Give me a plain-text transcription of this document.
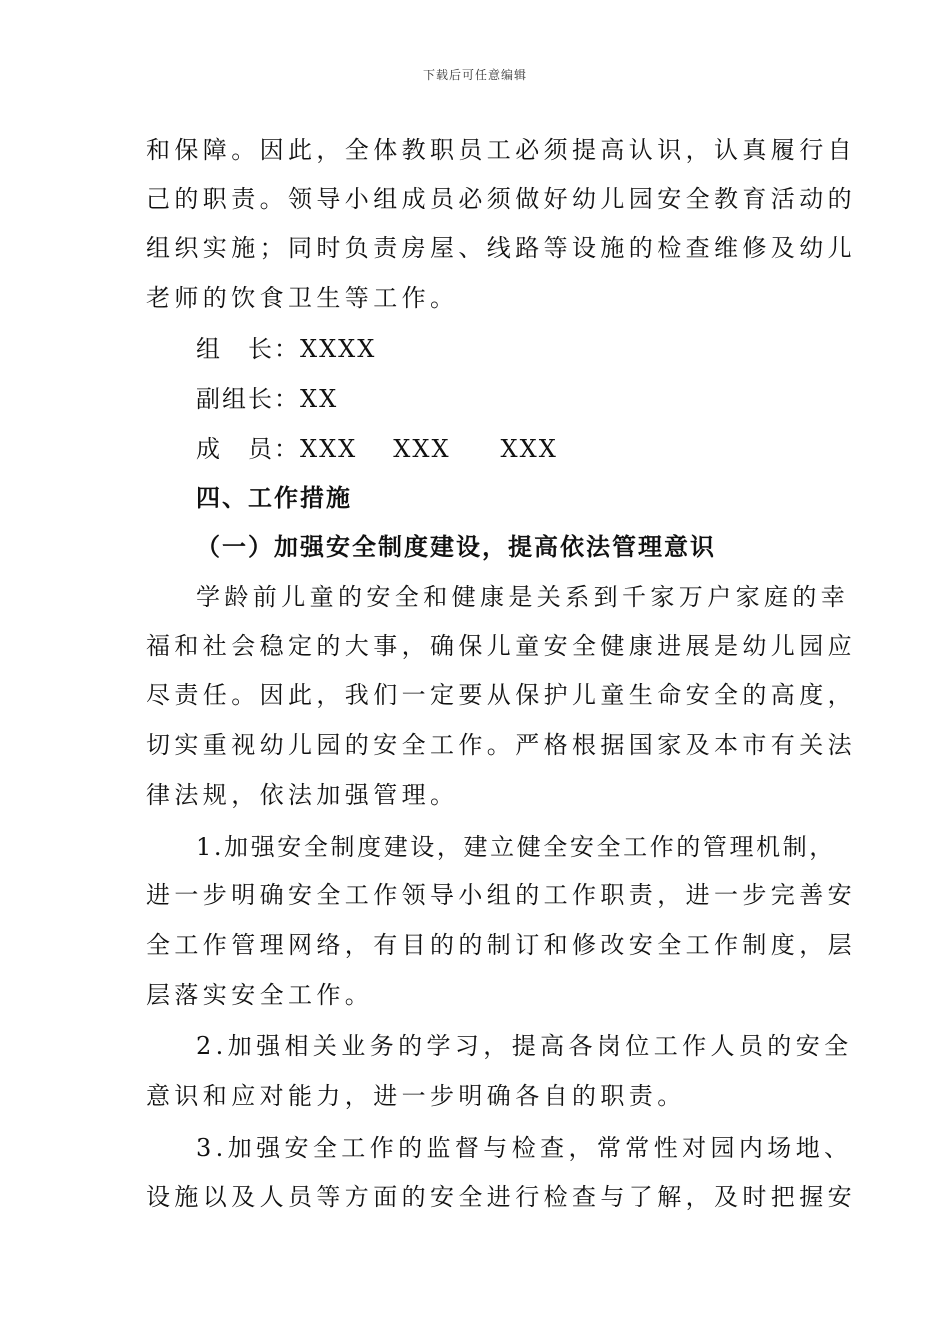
下载后可任意编辑
和保障。因此，全体教职员工必须提高认识，认真履行自
己的职责。领导小组成员必须做好幼儿园安全教育活动的
组织实施；同时负责房屋、线路等设施的检查维修及幼儿
老师的饮食卫生等工作。
组　长：XXXX
副组长：XX
成　员：XXX XXX XXX
四、工作措施
（一）加强安全制度建设，提高依法管理意识
学龄前儿童的安全和健康是关系到千家万户家庭的幸
福和社会稳定的大事，确保儿童安全健康进展是幼儿园应
尽责任。因此，我们一定要从保护儿童生命安全的高度，
切实重视幼儿园的安全工作。严格根据国家及本市有关法
律法规，依法加强管理。
1.加强安全制度建设，建立健全安全工作的管理机制，
进一步明确安全工作领导小组的工作职责，进一步完善安
全工作管理网络，有目的的制订和修改安全工作制度，层
层落实安全工作。
2.加强相关业务的学习，提高各岗位工作人员的安全
意识和应对能力，进一步明确各自的职责。
3.加强安全工作的监督与检查，常常性对园内场地、
设施以及人员等方面的安全进行检查与了解，及时把握安
